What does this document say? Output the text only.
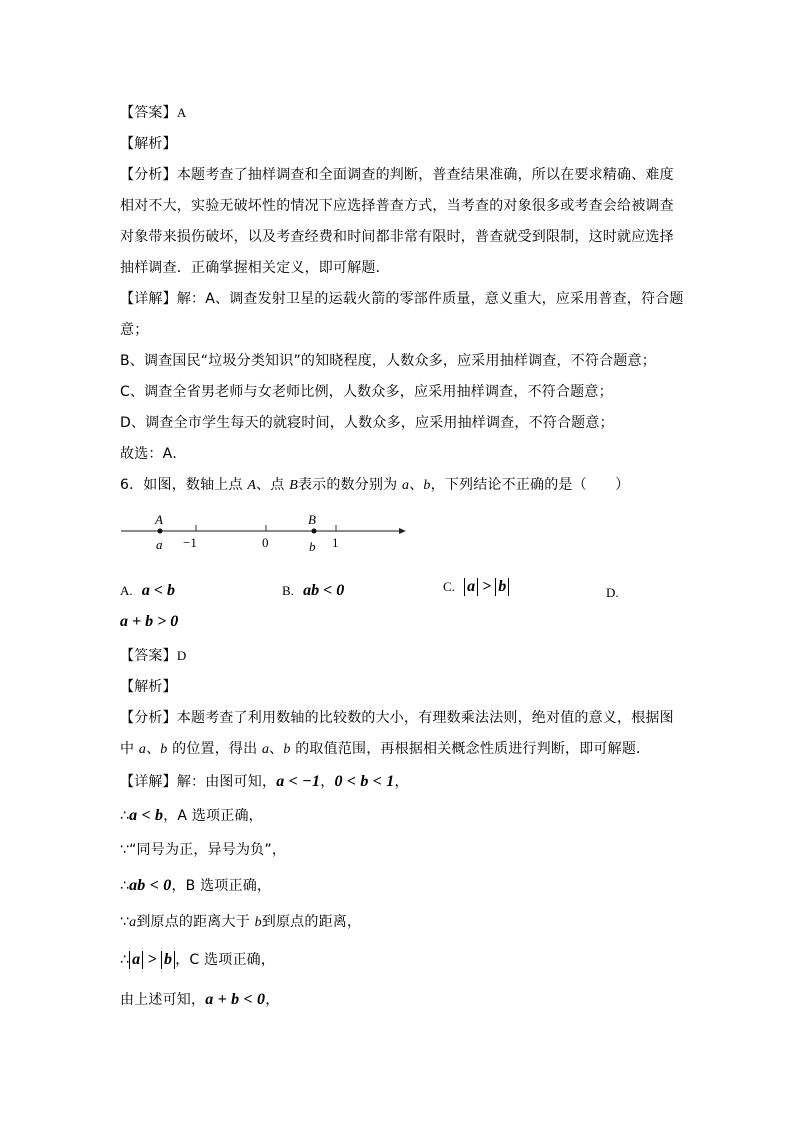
【答案】A
【解析】
【分析】本题考查了抽样调查和全面调查的判断，普查结果准确，所以在要求精确、难度
相对不大，实验无破坏性的情况下应选择普查方式，当考查的对象很多或考查会给被调查
对象带来损伤破坏，以及考查经费和时间都非常有限时，普查就受到限制，这时就应选择
抽样调查．正确掌握相关定义，即可解题．
【详解】解：A、调查发射卫星的运载火箭的零部件质量，意义重大，应采用普查，符合题
意；
B、调查国民“垃圾分类知识”的知晓程度，人数众多，应采用抽样调查，不符合题意；
C、调查全省男老师与女老师比例，人数众多，应采用抽样调查，不符合题意；
D、调查全市学生每天的就寝时间，人数众多，应采用抽样调查，不符合题意；
故选：A．
6．如图，数轴上点 A、点 B表示的数分别为 a、b，下列结论不正确的是（　　）
A	B
a	b
−1	0	1
A. a < b	B. ab < 0	C. a > b	D.
a + b > 0
【答案】D
【解析】
【分析】本题考查了利用数轴的比较数的大小，有理数乘法法则，绝对值的意义，根据图
中 a、b 的位置，得出 a、b 的取值范围，再根据相关概念性质进行判断，即可解题．
【详解】解：由图可知，a < −1，0 < b < 1，
∴a < b，A 选项正确，
∵“同号为正，异号为负”，
∴ab < 0，B 选项正确，
∵a到原点的距离大于 b到原点的距离，
∴ a > b ，C 选项正确，
由上述可知，a + b < 0，
